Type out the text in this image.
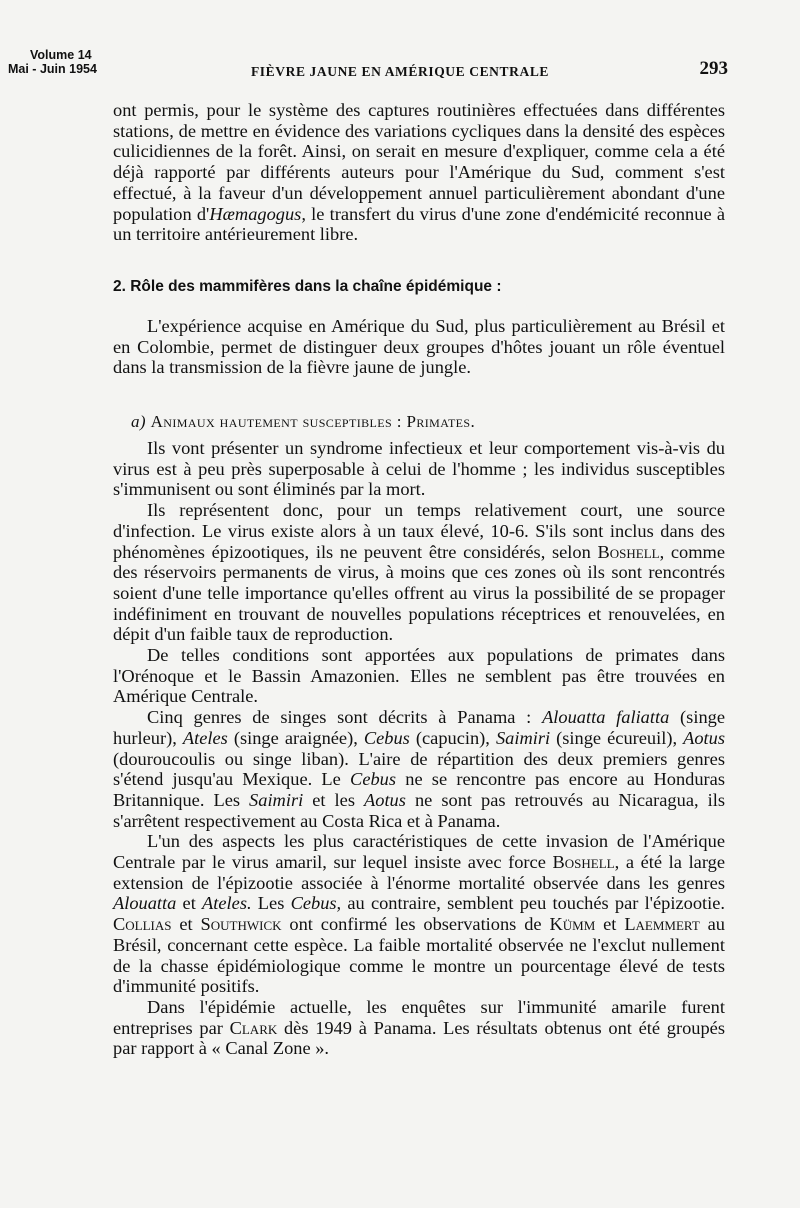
Volume 14
Mai - Juin 1954	FIÈVRE JAUNE EN AMÉRIQUE CENTRALE	293

ont permis, pour le système des captures routinières effectuées dans différentes stations, de mettre en évidence des variations cycliques dans la densité des espèces culicidiennes de la forêt. Ainsi, on serait en mesure d'expliquer, comme cela a été déjà rapporté par différents auteurs pour l'Amérique du Sud, comment s'est effectué, à la faveur d'un développement annuel particulièrement abondant d'une population d'Hæmagogus, le transfert du virus d'une zone d'endémicité reconnue à un territoire antérieurement libre.

2. Rôle des mammifères dans la chaîne épidémique :

L'expérience acquise en Amérique du Sud, plus particulièrement au Brésil et en Colombie, permet de distinguer deux groupes d'hôtes jouant un rôle éventuel dans la transmission de la fièvre jaune de jungle.

a) Animaux hautement susceptibles : Primates.

Ils vont présenter un syndrome infectieux et leur comportement vis-à-vis du virus est à peu près superposable à celui de l'homme ; les individus susceptibles s'immunisent ou sont éliminés par la mort.

Ils représentent donc, pour un temps relativement court, une source d'infection. Le virus existe alors à un taux élevé, 10-6. S'ils sont inclus dans des phénomènes épizootiques, ils ne peuvent être considérés, selon Boshell, comme des réservoirs permanents de virus, à moins que ces zones où ils sont rencontrés soient d'une telle importance qu'elles offrent au virus la possibilité de se propager indéfiniment en trouvant de nouvelles populations réceptrices et renouvelées, en dépit d'un faible taux de reproduction.

De telles conditions sont apportées aux populations de primates dans l'Orénoque et le Bassin Amazonien. Elles ne semblent pas être trouvées en Amérique Centrale.

Cinq genres de singes sont décrits à Panama : Alouatta faliatta (singe hurleur), Ateles (singe araignée), Cebus (capucin), Saimiri (singe écureuil), Aotus (douroucoulis ou singe liban). L'aire de répartition des deux premiers genres s'étend jusqu'au Mexique. Le Cebus ne se rencontre pas encore au Honduras Britannique. Les Saimiri et les Aotus ne sont pas retrouvés au Nicaragua, ils s'arrêtent respectivement au Costa Rica et à Panama.

L'un des aspects les plus caractéristiques de cette invasion de l'Amérique Centrale par le virus amaril, sur lequel insiste avec force Boshell, a été la large extension de l'épizootie associée à l'énorme mortalité observée dans les genres Alouatta et Ateles. Les Cebus, au contraire, semblent peu touchés par l'épizootie. Collias et Southwick ont confirmé les observations de Kümm et Laemmert au Brésil, concernant cette espèce. La faible mortalité observée ne l'exclut nullement de la chasse épidémiologique comme le montre un pourcentage élevé de tests d'immunité positifs.

Dans l'épidémie actuelle, les enquêtes sur l'immunité amarile furent entreprises par Clark dès 1949 à Panama. Les résultats obtenus ont été groupés par rapport à « Canal Zone ».
